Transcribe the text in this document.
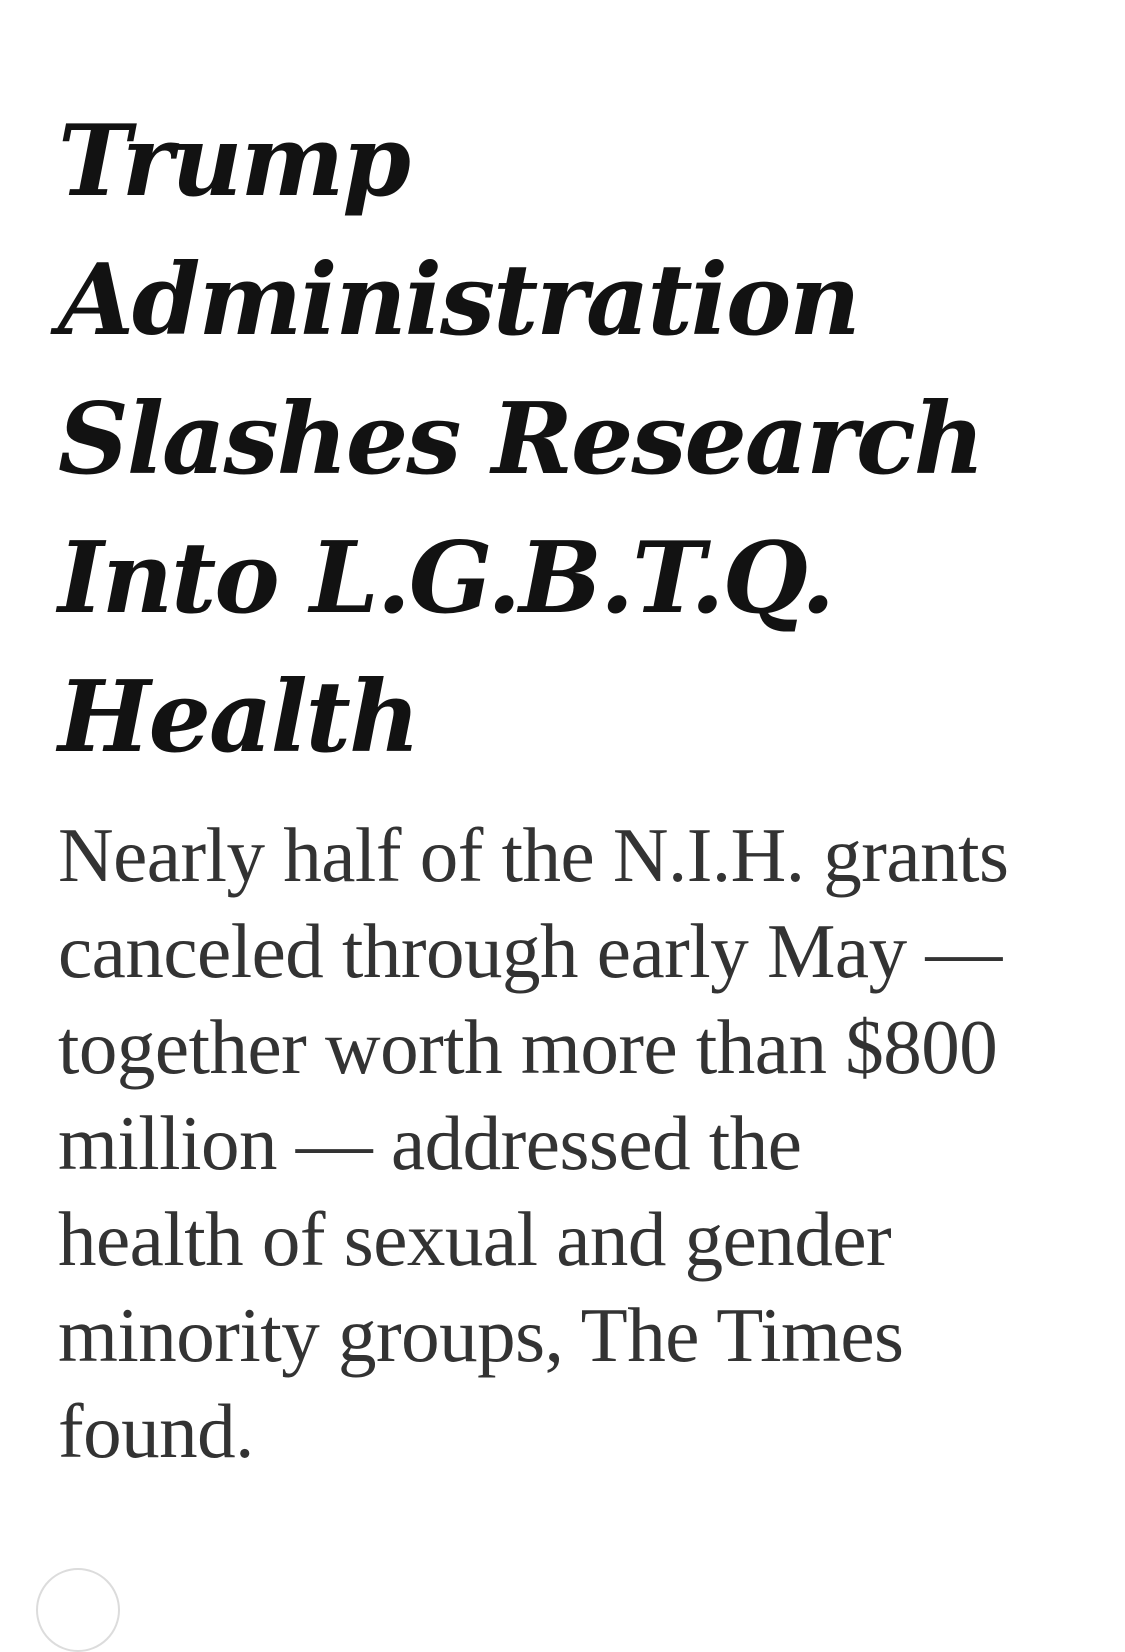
Trump
Administration
Slashes Research
Into L.G.B.T.Q.
Health

Nearly half of the N.I.H. grants
canceled through early May —
together worth more than $800
million — addressed the
health of sexual and gender
minority groups, The Times
found.
